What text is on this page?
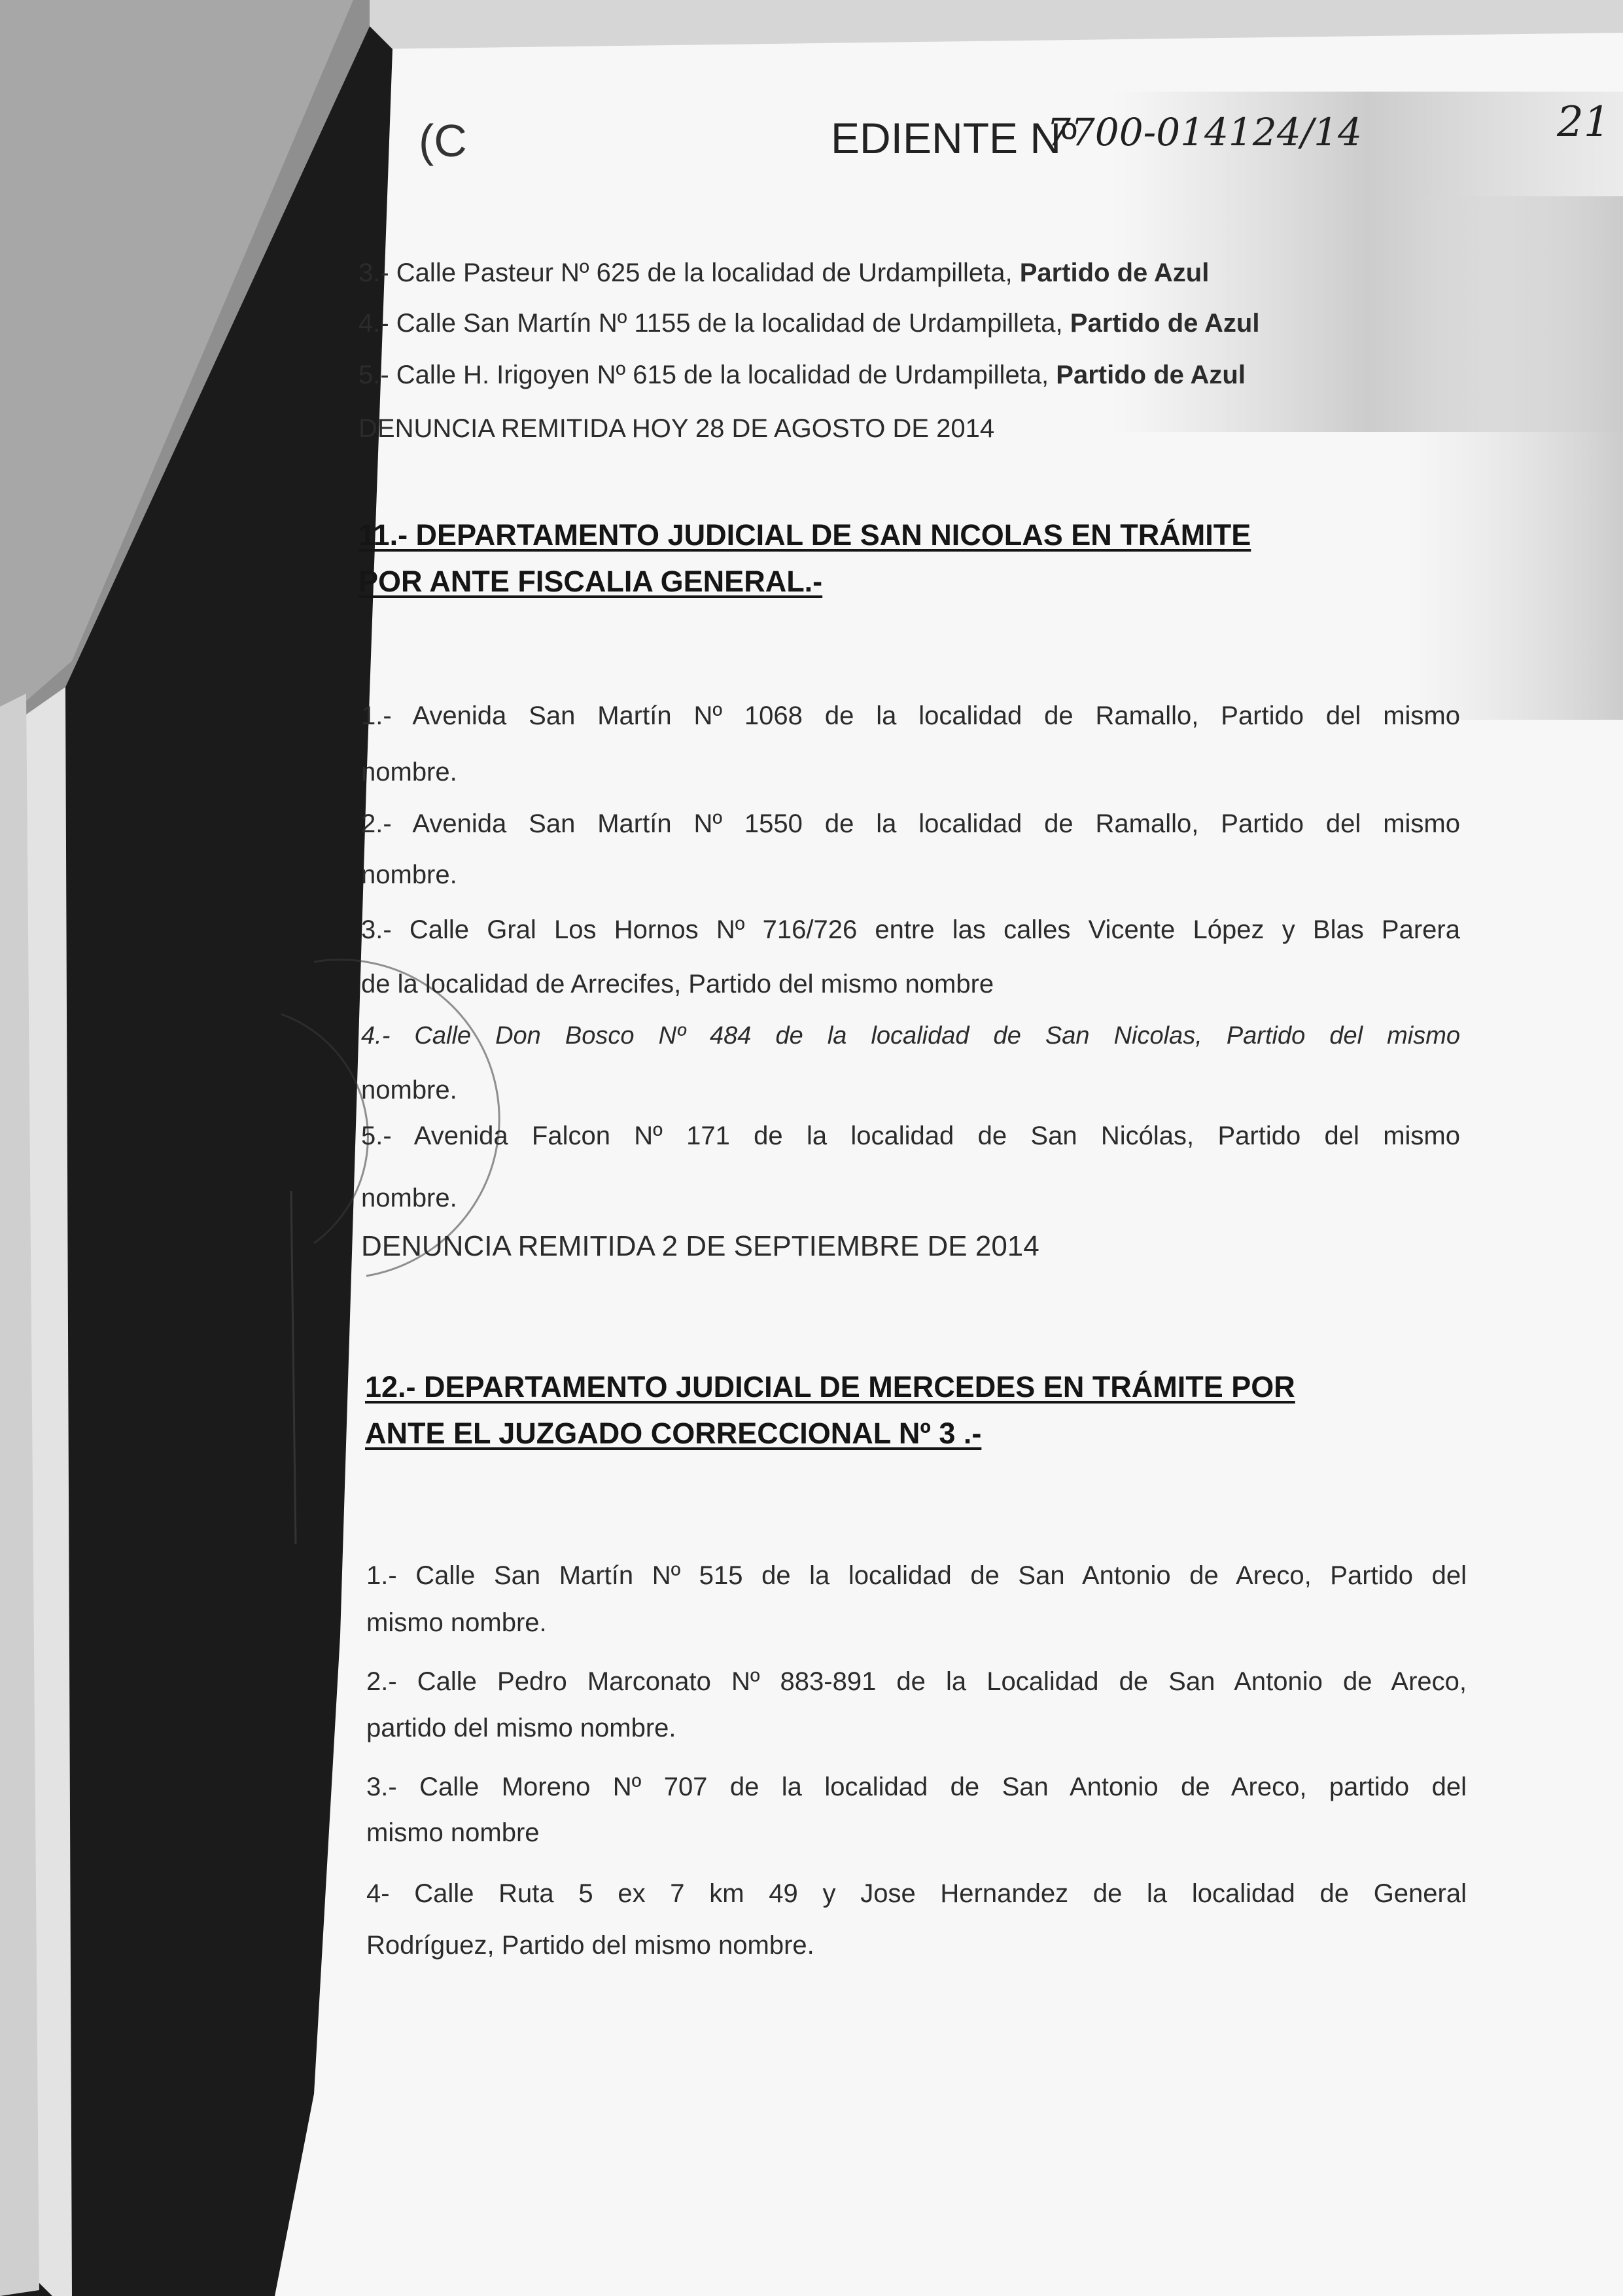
(C	EDIENTE Nº
7700-014124/14	21
3.- Calle Pasteur Nº 625 de la localidad de Urdampilleta, Partido de Azul
4.- Calle San Martín Nº 1155 de la localidad de Urdampilleta, Partido de Azul
5.- Calle H. Irigoyen Nº 615 de la localidad de Urdampilleta, Partido de Azul
DENUNCIA REMITIDA HOY 28 DE AGOSTO DE 2014
11.- DEPARTAMENTO JUDICIAL DE SAN NICOLAS EN TRÁMITE
POR ANTE FISCALIA GENERAL.-
1.- Avenida San Martín Nº 1068 de la localidad de Ramallo, Partido del mismo
nombre.
2.- Avenida San Martín Nº 1550 de la localidad de Ramallo, Partido del mismo
nombre.
3.- Calle Gral Los Hornos Nº 716/726 entre las calles Vicente López y Blas Parera
de la localidad de Arrecifes, Partido del mismo nombre
4.- Calle Don Bosco Nº 484 de la localidad de San Nicolas, Partido del mismo
nombre.
5.- Avenida Falcon Nº 171 de la localidad de San Nicólas, Partido del mismo
nombre.
DENUNCIA REMITIDA 2 DE SEPTIEMBRE DE 2014
12.- DEPARTAMENTO JUDICIAL DE MERCEDES EN TRÁMITE POR
ANTE EL JUZGADO CORRECCIONAL Nº 3 .-
1.- Calle San Martín Nº 515 de la localidad de San Antonio de Areco, Partido del
mismo nombre.
2.- Calle Pedro Marconato Nº 883-891 de la Localidad de San Antonio de Areco,
partido del mismo nombre.
3.- Calle Moreno Nº 707 de la localidad de San Antonio de Areco, partido del
mismo nombre
4- Calle Ruta 5 ex 7 km 49 y Jose Hernandez de la localidad de General
Rodríguez, Partido del mismo nombre.
